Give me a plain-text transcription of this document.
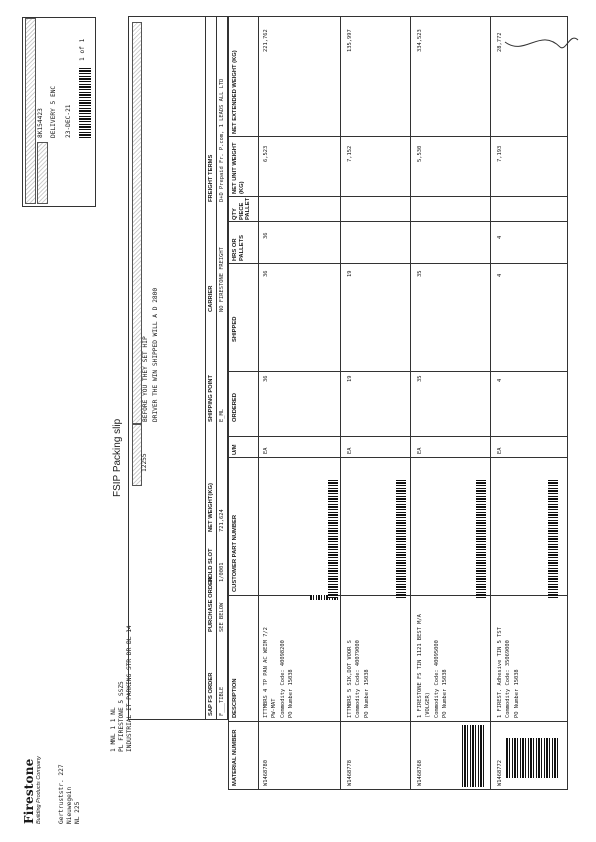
Firestone Building Products Company	Gertruststr. 227 Nieuwegein NL 225
1 MNL 1 1 NL PL FIRESTONE 5 SSZ5 INDUSTRIAL IT PARKING STR DR BL 14
FSIP Packing slip
8K154423 DELIVERY 5 ENC 23-DEC-21
1 of 1
12255
BEFORE YOU THEY SET HIP DRIVER THE WIN SHIPPED WILL A D 2800
SAP FS ORDER
PURCHASE ORDER
HOLD SLOT
NET WEIGHT(KG)
SHIPPING POINT
CARRIER
FREIGHT TERMS
F___TIBLE
SEE BELOW
1/0001
721,624
E_ML
NO FIRESTONE FREIGHT
D+D Prepaid Fr. P.com, 1 LEADS ALL LTD
MATERIAL NUMBER
DESCRIPTION
CUSTOMER PART NUMBER
U/M
ORDERED
SHIPPED
HRS OR PALLETS
QTY PIECE PALLET
NET UNIT WEIGHT (KG)
NET EXTENDED WEIGHT (KG)
W1468780
ITTMBRS 4 TP PAN AC WEIM 7/2 PW-MAT Commodity Code: 40098200 PO Number 15038
EA
36
36
36
6,523
221,762
W1468778
ITTMBRS 5 SIK,DOT VOOR S Commodity Code: 40079000 PO Number 15038
EA
19
19
7,152
135,997
W1468768
1 FIRESTONE FS TIN 1121 BEST M/A (VOLGER) Commodity Code: 40095000 PO Number 15038
EA
35
35
5,530
334,523
W1468772
1 FIREST. Adhesive TIN 5 TST Commodity Code: 35069000 PO Number 15038
EA
4
4
4
7,193
28,772
